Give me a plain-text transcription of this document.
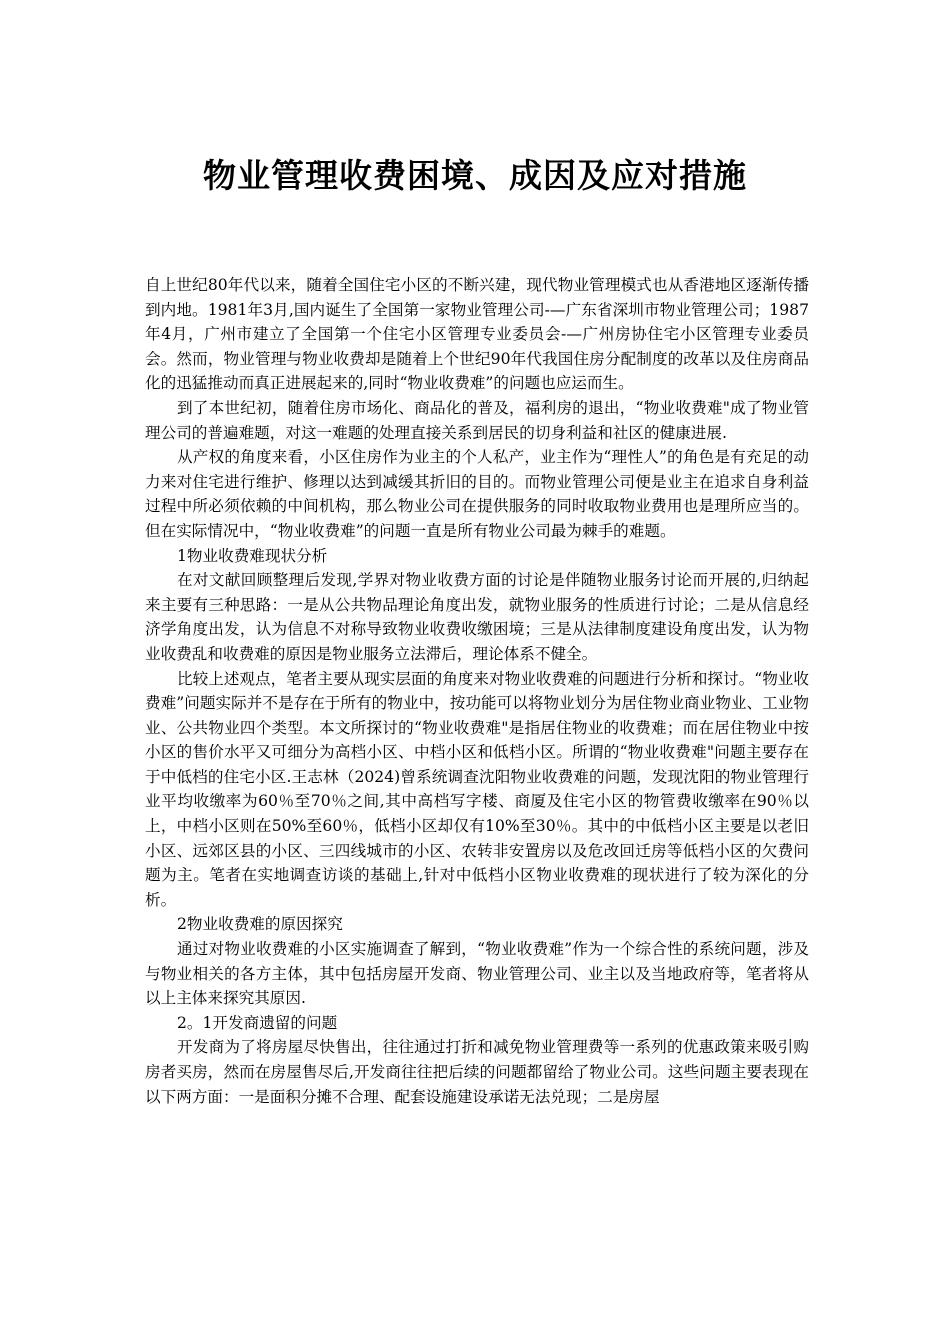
物业管理收费困境、成因及应对措施

自上世纪80年代以来，随着全国住宅小区的不断兴建，现代物业管理模式也从香港地区逐渐传播到内地。1981年3月,国内诞生了全国第一家物业管理公司-—广东省深圳市物业管理公司；1987年4月，广州市建立了全国第一个住宅小区管理专业委员会-—广州房协住宅小区管理专业委员会。然而，物业管理与物业收费却是随着上个世纪90年代我国住房分配制度的改革以及住房商品化的迅猛推动而真正进展起来的,同时“物业收费难”的问题也应运而生。

到了本世纪初，随着住房市场化、商品化的普及，福利房的退出，“物业收费难"成了物业管理公司的普遍难题，对这一难题的处理直接关系到居民的切身利益和社区的健康进展.

从产权的角度来看，小区住房作为业主的个人私产，业主作为“理性人”的角色是有充足的动力来对住宅进行维护、修理以达到减缓其折旧的目的。而物业管理公司便是业主在追求自身利益过程中所必须依赖的中间机构，那么物业公司在提供服务的同时收取物业费用也是理所应当的。但在实际情况中，“物业收费难”的问题一直是所有物业公司最为棘手的难题。

1物业收费难现状分析

在对文献回顾整理后发现,学界对物业收费方面的讨论是伴随物业服务讨论而开展的,归纳起来主要有三种思路：一是从公共物品理论角度出发，就物业服务的性质进行讨论；二是从信息经济学角度出发，认为信息不对称导致物业收费收缴困境；三是从法律制度建设角度出发，认为物业收费乱和收费难的原因是物业服务立法滞后，理论体系不健全。

比较上述观点，笔者主要从现实层面的角度来对物业收费难的问题进行分析和探讨。“物业收费难”问题实际并不是存在于所有的物业中，按功能可以将物业划分为居住物业商业物业、工业物业、公共物业四个类型。本文所探讨的“物业收费难"是指居住物业的收费难；而在居住物业中按小区的售价水平又可细分为高档小区、中档小区和低档小区。所谓的“物业收费难"问题主要存在于中低档的住宅小区.王志林（2024)曾系统调查沈阳物业收费难的问题，发现沈阳的物业管理行业平均收缴率为60％至70％之间,其中高档写字楼、商厦及住宅小区的物管费收缴率在90％以上，中档小区则在50%至60％，低档小区却仅有10%至30％。其中的中低档小区主要是以老旧小区、远郊区县的小区、三四线城市的小区、农转非安置房以及危改回迁房等低档小区的欠费问题为主。笔者在实地调查访谈的基础上,针对中低档小区物业收费难的现状进行了较为深化的分析。

2物业收费难的原因探究

通过对物业收费难的小区实施调查了解到，“物业收费难”作为一个综合性的系统问题，涉及与物业相关的各方主体，其中包括房屋开发商、物业管理公司、业主以及当地政府等，笔者将从以上主体来探究其原因.

2。1开发商遗留的问题

开发商为了将房屋尽快售出，往往通过打折和减免物业管理费等一系列的优惠政策来吸引购房者买房，然而在房屋售尽后,开发商往往把后续的问题都留给了物业公司。这些问题主要表现在以下两方面：一是面积分摊不合理、配套设施建设承诺无法兑现；二是房屋
